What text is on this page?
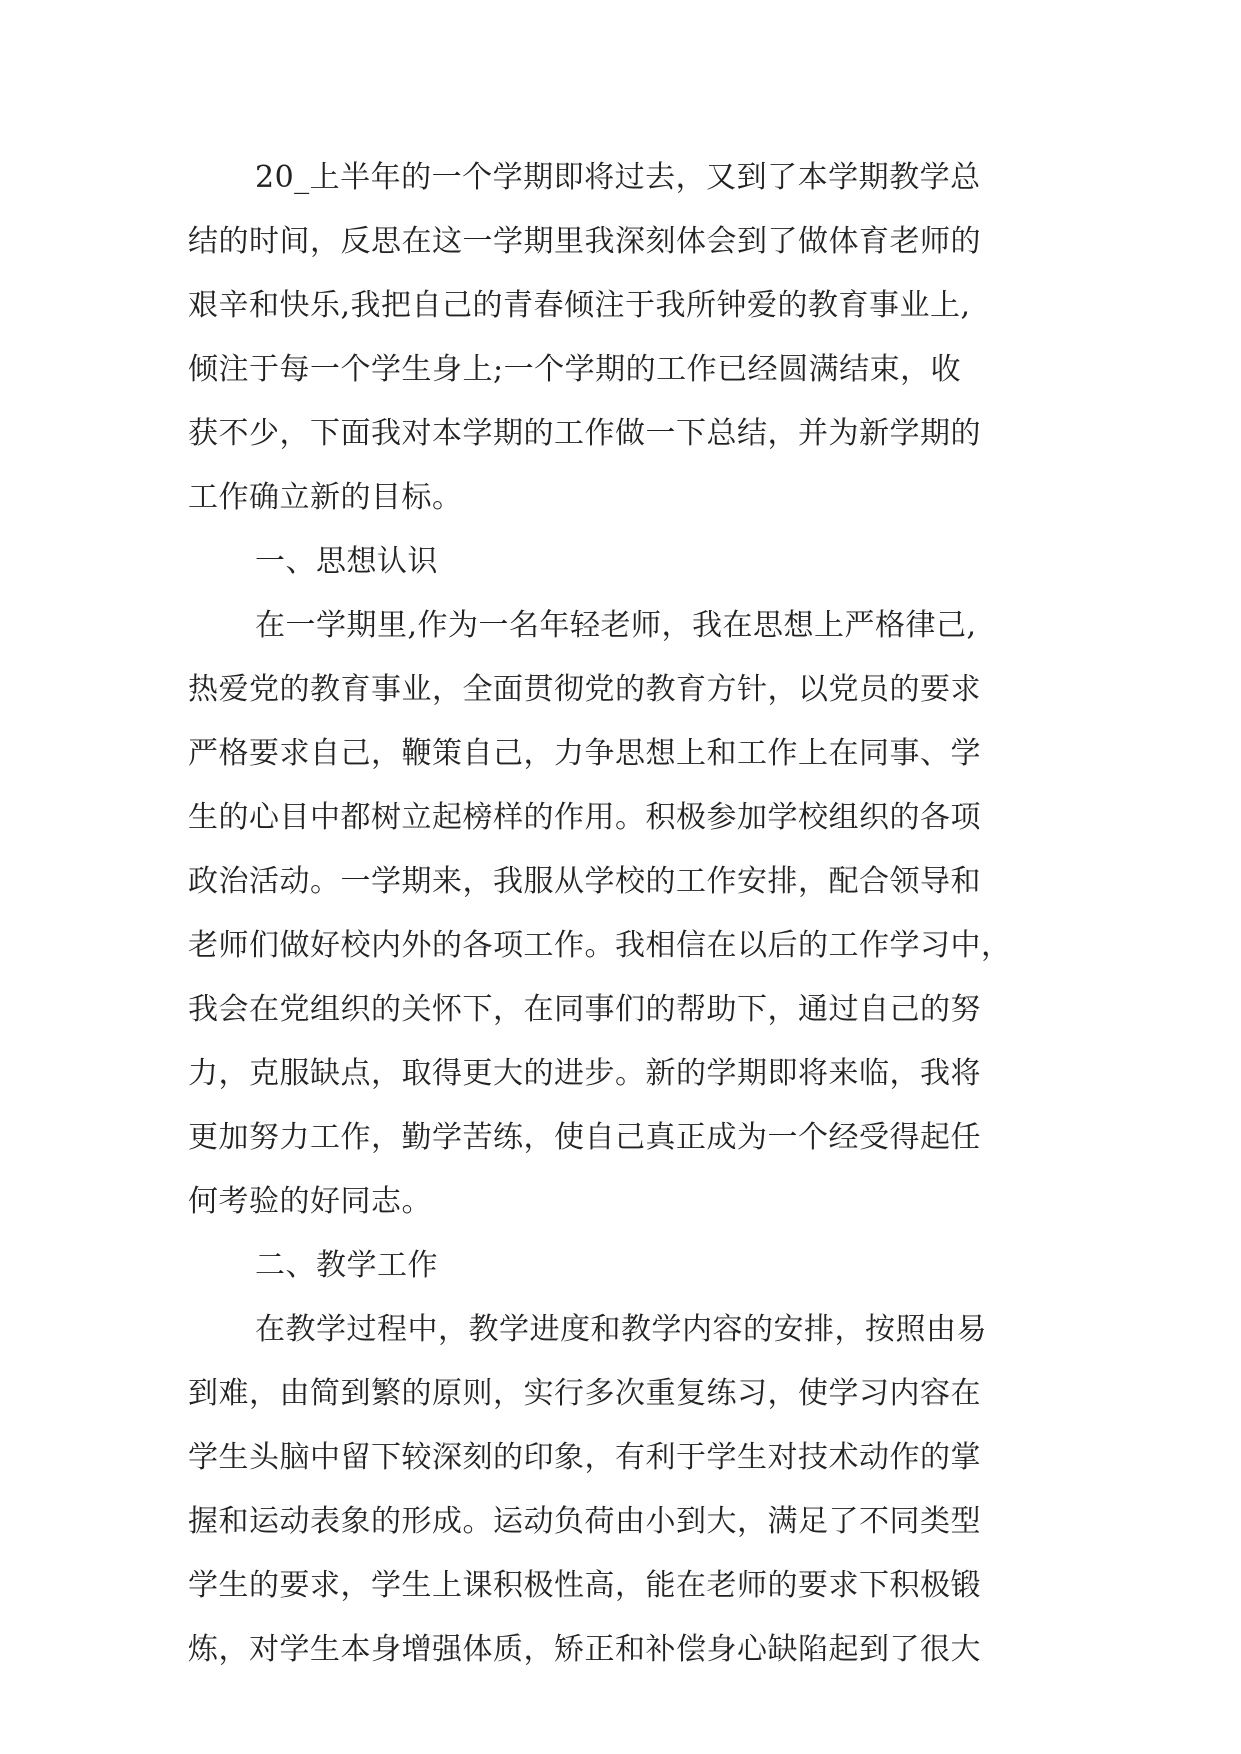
20_上半年的一个学期即将过去，又到了本学期教学总
结的时间，反思在这一学期里我深刻体会到了做体育老师的
艰辛和快乐,我把自己的青春倾注于我所钟爱的教育事业上,
倾注于每一个学生身上;一个学期的工作已经圆满结束，收
获不少，下面我对本学期的工作做一下总结，并为新学期的
工作确立新的目标。
一、思想认识
在一学期里,作为一名年轻老师，我在思想上严格律己,
热爱党的教育事业，全面贯彻党的教育方针，以党员的要求
严格要求自己，鞭策自己，力争思想上和工作上在同事、学
生的心目中都树立起榜样的作用。积极参加学校组织的各项
政治活动。一学期来，我服从学校的工作安排，配合领导和
老师们做好校内外的各项工作。我相信在以后的工作学习中，
我会在党组织的关怀下，在同事们的帮助下，通过自己的努
力，克服缺点，取得更大的进步。新的学期即将来临，我将
更加努力工作，勤学苦练，使自己真正成为一个经受得起任
何考验的好同志。
二、教学工作
在教学过程中，教学进度和教学内容的安排，按照由易
到难，由简到繁的原则，实行多次重复练习，使学习内容在
学生头脑中留下较深刻的印象，有利于学生对技术动作的掌
握和运动表象的形成。运动负荷由小到大，满足了不同类型
学生的要求，学生上课积极性高，能在老师的要求下积极锻
炼，对学生本身增强体质，矫正和补偿身心缺陷起到了很大
